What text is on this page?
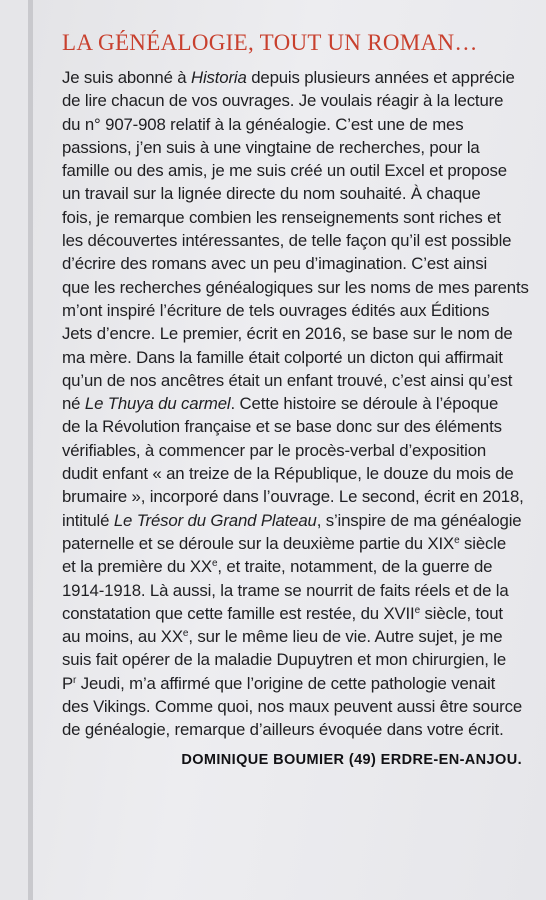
LA GÉNÉALOGIE, TOUT UN ROMAN…
Je suis abonné à Historia depuis plusieurs années et apprécie
de lire chacun de vos ouvrages. Je voulais réagir à la lecture
du n° 907-908 relatif à la généalogie. C’est une de mes
passions, j’en suis à une vingtaine de recherches, pour la
famille ou des amis, je me suis créé un outil Excel et propose
un travail sur la lignée directe du nom souhaité. À chaque
fois, je remarque combien les renseignements sont riches et
les découvertes intéressantes, de telle façon qu’il est possible
d’écrire des romans avec un peu d’imagination. C’est ainsi
que les recherches généalogiques sur les noms de mes parents
m’ont inspiré l’écriture de tels ouvrages édités aux Éditions
Jets d’encre. Le premier, écrit en 2016, se base sur le nom de
ma mère. Dans la famille était colporté un dicton qui affirmait
qu’un de nos ancêtres était un enfant trouvé, c’est ainsi qu’est
né Le Thuya du carmel. Cette histoire se déroule à l’époque
de la Révolution française et se base donc sur des éléments
vérifiables, à commencer par le procès-verbal d’exposition
dudit enfant « an treize de la République, le douze du mois de
brumaire », incorporé dans l’ouvrage. Le second, écrit en 2018,
intitulé Le Trésor du Grand Plateau, s’inspire de ma généalogie
paternelle et se déroule sur la deuxième partie du XIXe siècle
et la première du XXe, et traite, notamment, de la guerre de
1914-1918. Là aussi, la trame se nourrit de faits réels et de la
constatation que cette famille est restée, du XVIIe siècle, tout
au moins, au XXe, sur le même lieu de vie. Autre sujet, je me
suis fait opérer de la maladie Dupuytren et mon chirurgien, le
$P^r$ Jeudi, m’a affirmé que l’origine de cette pathologie venait
des Vikings. Comme quoi, nos maux peuvent aussi être source
de généalogie, remarque d’ailleurs évoquée dans votre écrit.
DOMINIQUE BOUMIER (49) ERDRE-EN-ANJOU.
